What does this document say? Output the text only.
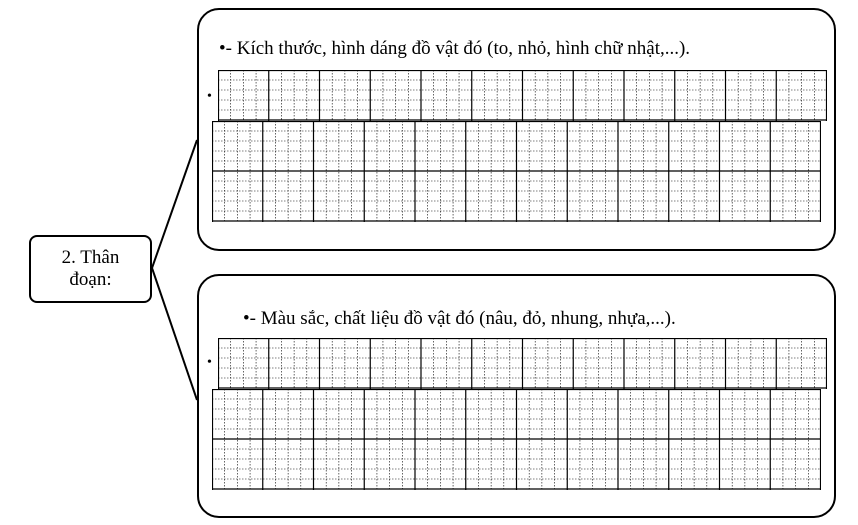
2. Thân
đoạn:
•- Kích thước, hình dáng đồ vật đó (to, nhỏ, hình chữ nhật,...).
•
•- Màu sắc, chất liệu đồ vật đó (nâu, đỏ, nhung, nhựa,...).
•
